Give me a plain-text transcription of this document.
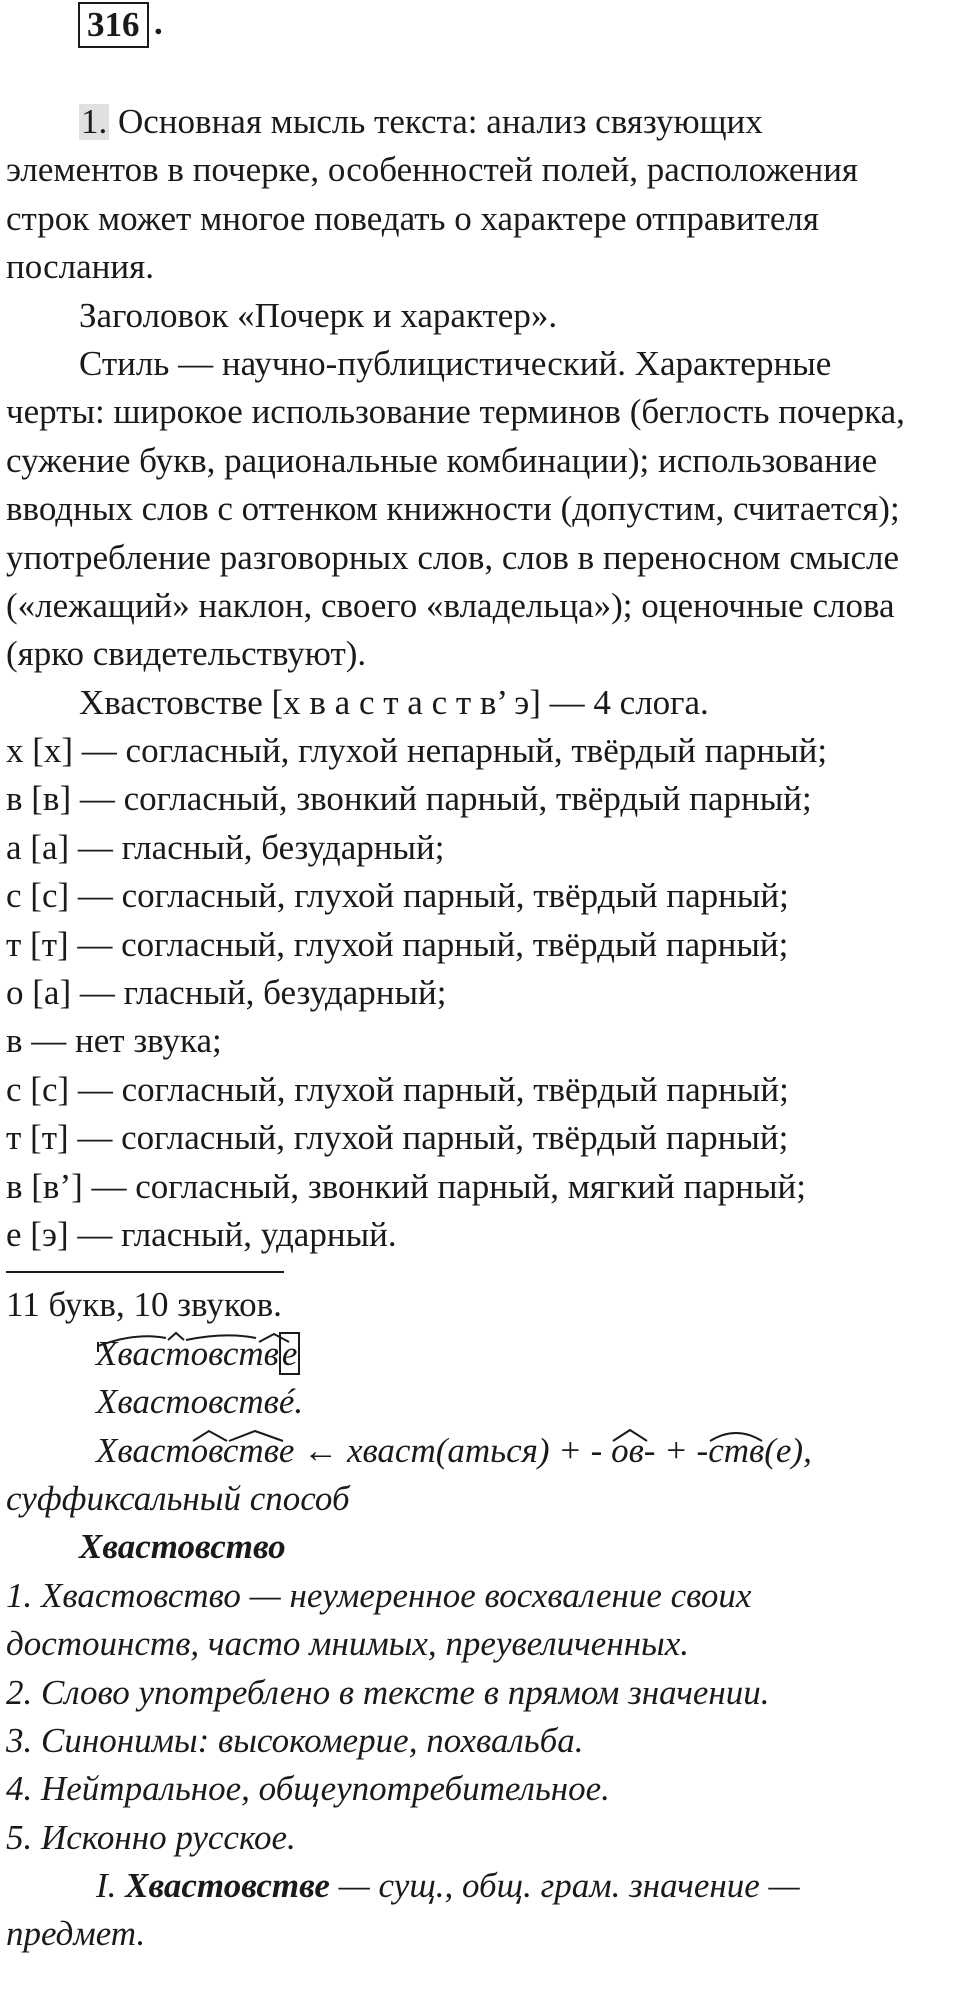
316 .
1. Основная мысль текста: анализ связующих
элементов в почерке, особенностей полей, расположения
строк может многое поведать о характере отправителя
послания.
Заголовок «Почерк и характер».
Стиль — научно-публицистический. Характерные
черты: широкое использование терминов (беглость почерка,
сужение букв, рациональные комбинации); использование
вводных слов с оттенком книжности (допустим, считается);
употребление разговорных слов, слов в переносном смысле
(«лежащий» наклон, своего «владельца»); оценочные слова
(ярко свидетельствуют).
Хвастовстве [х в а с т а с т в’ э] — 4 слога.
х [х] — согласный, глухой непарный, твёрдый парный;
в [в] — согласный, звонкий парный, твёрдый парный;
а [а] — гласный, безударный;
с [с] — согласный, глухой парный, твёрдый парный;
т [т] — согласный, глухой парный, твёрдый парный;
о [а] — гласный, безударный;
в — нет звука;
с [с] — согласный, глухой парный, твёрдый парный;
т [т] — согласный, глухой парный, твёрдый парный;
в [в’] — согласный, звонкий парный, мягкий парный;
е [э] — гласный, ударный.
11 букв, 10 звуков.
Хвастовстве
Хвастовствé.
Хваст
овстве ← хваст(аться) + -
ов- + -
ств(е),
суффиксальный способ
Хвастовство
1. Хвастовство — неумеренное восхваление своих
достоинств, часто мнимых, преувеличенных.
2. Слово употреблено в тексте в прямом значении.
3. Синонимы: высокомерие, похвальба.
4. Нейтральное, общеупотребительное.
5. Исконно русское.
I. Хвастовстве — сущ., общ. грам. значение —
предмет.
